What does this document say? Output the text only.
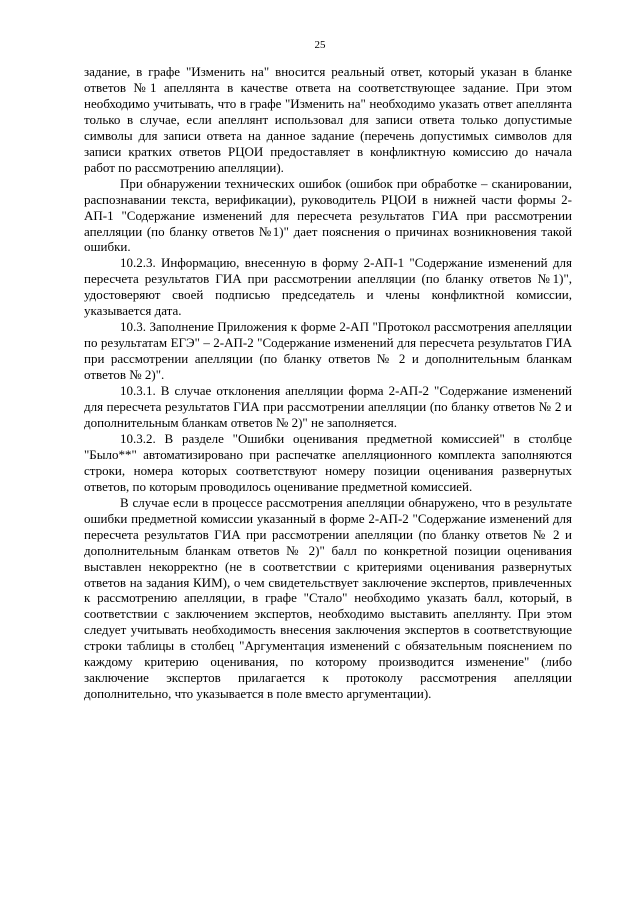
25

задание, в графе "Изменить на" вносится реальный ответ, который указан в бланке ответов №1 апеллянта в качестве ответа на соответствующее задание. При этом необходимо учитывать, что в графе "Изменить на" необходимо указать ответ апеллянта только в случае, если апеллянт использовал для записи ответа только допустимые символы для записи ответа на данное задание (перечень допустимых символов для записи кратких ответов РЦОИ предоставляет в конфликтную комиссию до начала работ по рассмотрению апелляции).

При обнаружении технических ошибок (ошибок при обработке – сканировании, распознавании текста, верификации), руководитель РЦОИ в нижней части формы 2-АП-1 "Содержание изменений для пересчета результатов ГИА при рассмотрении апелляции (по бланку ответов №1)" дает пояснения о причинах возникновения такой ошибки.

10.2.3. Информацию, внесенную в форму 2-АП-1 "Содержание изменений для пересчета результатов ГИА при рассмотрении апелляции (по бланку ответов №1)", удостоверяют своей подписью председатель и члены конфликтной комиссии, указывается дата.

10.3. Заполнение Приложения к форме 2-АП "Протокол рассмотрения апелляции по результатам ЕГЭ" – 2-АП-2 "Содержание изменений для пересчета результатов ГИА при рассмотрении апелляции (по бланку ответов № 2 и дополнительным бланкам ответов № 2)".

10.3.1. В случае отклонения апелляции форма 2-АП-2 "Содержание изменений для пересчета результатов ГИА при рассмотрении апелляции (по бланку ответов № 2 и дополнительным бланкам ответов № 2)" не заполняется.

10.3.2. В разделе "Ошибки оценивания предметной комиссией" в столбце "Было**" автоматизировано при распечатке апелляционного комплекта заполняются строки, номера которых соответствуют номеру позиции оценивания развернутых ответов, по которым проводилось оценивание предметной комиссией.

В случае если в процессе рассмотрения апелляции обнаружено, что в результате ошибки предметной комиссии указанный в форме 2-АП-2 "Содержание изменений для пересчета результатов ГИА при рассмотрении апелляции (по бланку ответов № 2 и дополнительным бланкам ответов № 2)" балл по конкретной позиции оценивания выставлен некорректно (не в соответствии с критериями оценивания развернутых ответов на задания КИМ), о чем свидетельствует заключение экспертов, привлеченных к рассмотрению апелляции, в графе "Стало" необходимо указать балл, который, в соответствии с заключением экспертов, необходимо выставить апеллянту. При этом следует учитывать необходимость внесения заключения экспертов в соответствующие строки таблицы в столбец "Аргументация изменений с обязательным пояснением по каждому критерию оценивания, по которому производится изменение" (либо заключение экспертов прилагается к протоколу рассмотрения апелляции дополнительно, что указывается в поле вместо аргументации).
